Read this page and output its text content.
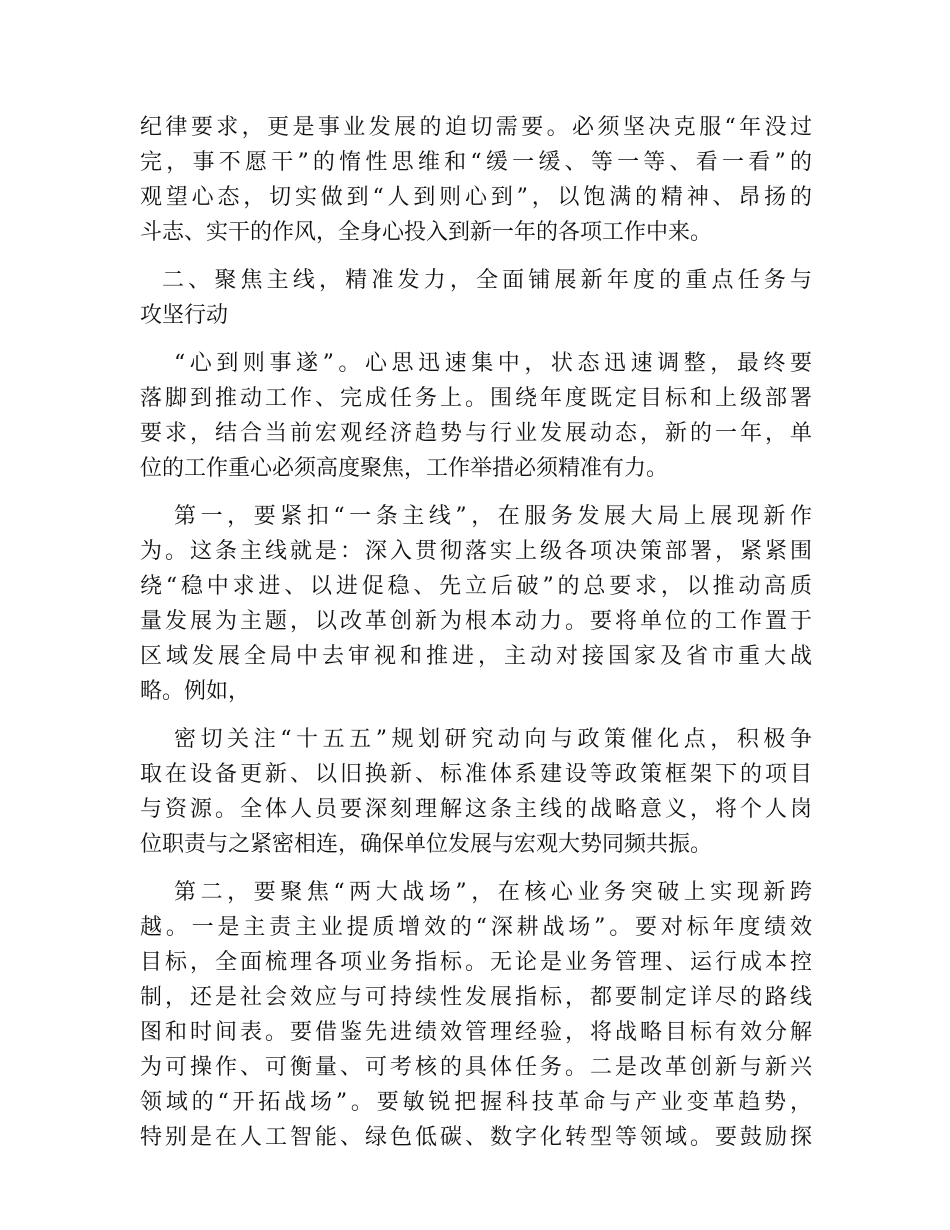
纪律要求，更是事业发展的迫切需要。必须坚决克服“年没过
完，事不愿干”的惰性思维和“缓一缓、等一等、看一看”的
观望心态，切实做到“人到则心到”，以饱满的精神、昂扬的
斗志、实干的作风，全身心投入到新一年的各项工作中来。
二、聚焦主线，精准发力，全面铺展新年度的重点任务与
攻坚行动
“心到则事遂”。心思迅速集中，状态迅速调整，最终要
落脚到推动工作、完成任务上。围绕年度既定目标和上级部署
要求，结合当前宏观经济趋势与行业发展动态，新的一年，单
位的工作重心必须高度聚焦，工作举措必须精准有力。
第一，要紧扣“一条主线”，在服务发展大局上展现新作
为。这条主线就是：深入贯彻落实上级各项决策部署，紧紧围
绕“稳中求进、以进促稳、先立后破”的总要求，以推动高质
量发展为主题，以改革创新为根本动力。要将单位的工作置于
区域发展全局中去审视和推进，主动对接国家及省市重大战
略。例如，
密切关注“十五五”规划研究动向与政策催化点，积极争
取在设备更新、以旧换新、标准体系建设等政策框架下的项目
与资源。全体人员要深刻理解这条主线的战略意义，将个人岗
位职责与之紧密相连，确保单位发展与宏观大势同频共振。
第二，要聚焦“两大战场”，在核心业务突破上实现新跨
越。一是主责主业提质增效的“深耕战场”。要对标年度绩效
目标，全面梳理各项业务指标。无论是业务管理、运行成本控
制，还是社会效应与可持续性发展指标，都要制定详尽的路线
图和时间表。要借鉴先进绩效管理经验，将战略目标有效分解
为可操作、可衡量、可考核的具体任务。二是改革创新与新兴
领域的“开拓战场”。要敏锐把握科技革命与产业变革趋势，
特别是在人工智能、绿色低碳、数字化转型等领域。要鼓励探
